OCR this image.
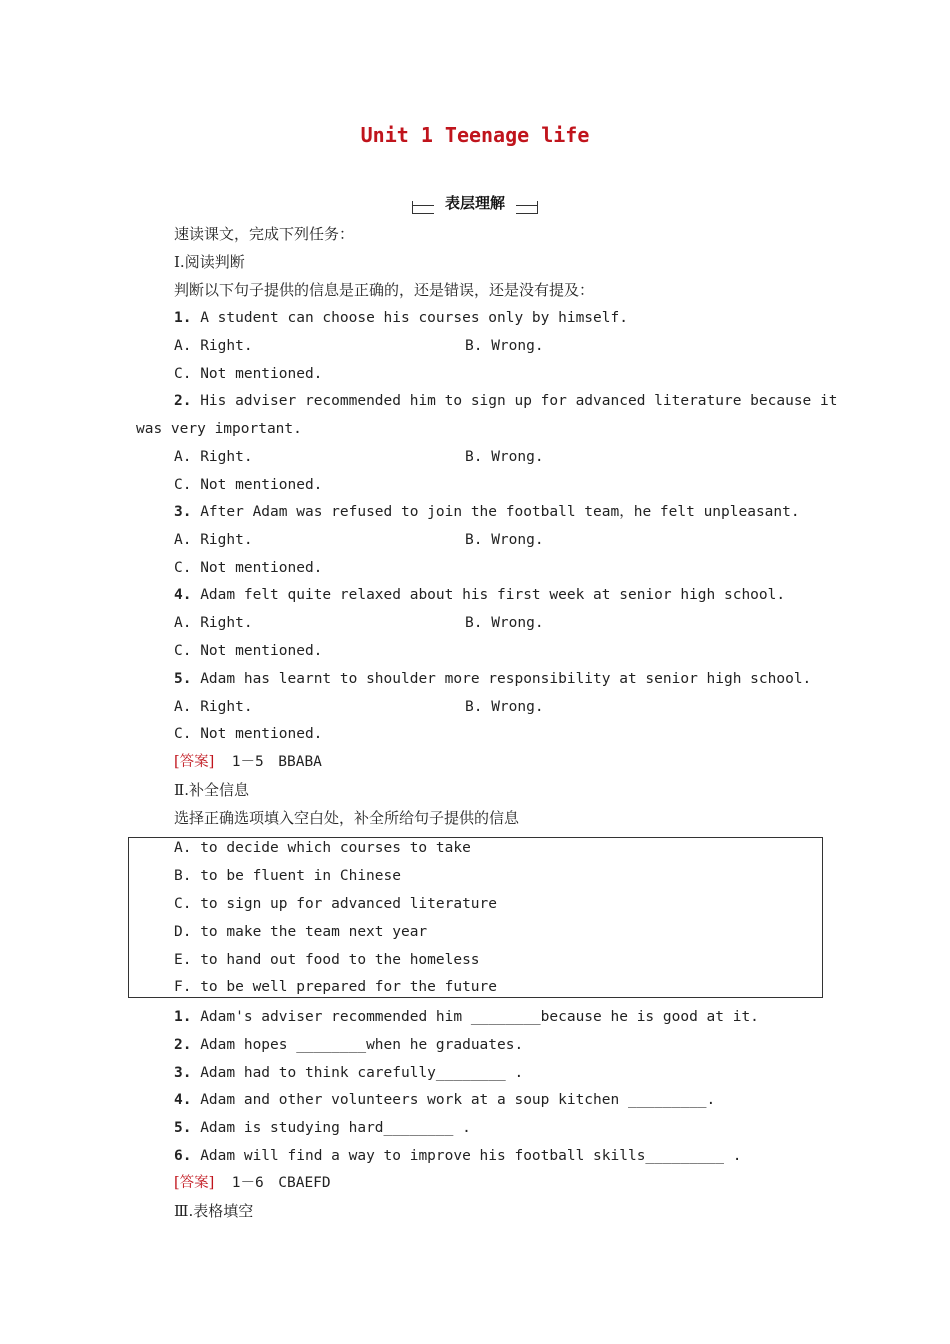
Unit 1 Teenage life
表层理解
速读课文，完成下列任务：
Ⅰ.阅读判断
判断以下句子提供的信息是正确的，还是错误，还是没有提及：
1. A student can choose his courses only by himself.
A. Right.	B. Wrong.
C. Not mentioned.
2. His adviser recommended him to sign up for advanced literature because it
was very important.
A. Right.	B. Wrong.
C. Not mentioned.
3. After Adam was refused to join the football team，he felt unpleasant.
A. Right.	B. Wrong.
C. Not mentioned.
4. Adam felt quite relaxed about his first week at senior high school.
A. Right.	B. Wrong.
C. Not mentioned.
5. Adam has learnt to shoulder more responsibility at senior high school.
A. Right.	B. Wrong.
C. Not mentioned.
[答案] 1－5　BBABA
Ⅱ.补全信息
选择正确选项填入空白处，补全所给句子提供的信息
A. to decide which courses to take
B. to be fluent in Chinese
C. to sign up for advanced literature
D. to make the team next year
E. to hand out food to the homeless
F. to be well prepared for the future
1. Adam's adviser recommended him ________because he is good at it.
2. Adam hopes ________when he graduates.
3. Adam had to think carefully________ .
4. Adam and other volunteers work at a soup kitchen _________.
5. Adam is studying hard________ .
6. Adam will find a way to improve his football skills_________ .
[答案] 1－6　CBAEFD
Ⅲ.表格填空
